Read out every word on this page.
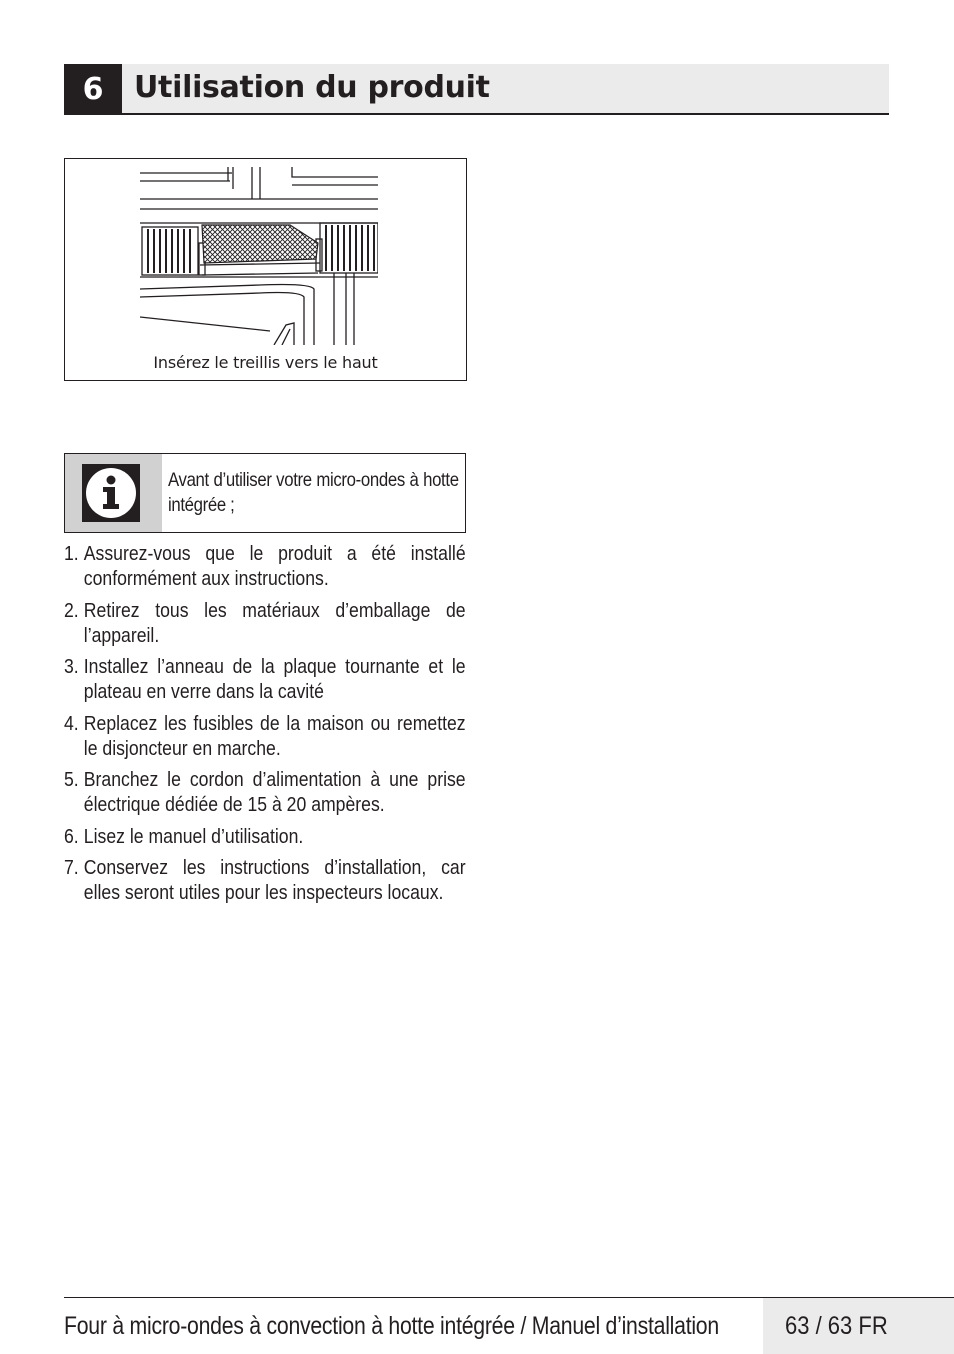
6	Utilisation du produit
Insérez le treillis vers le haut
Avant d’utiliser votre micro-ondes à hotte intégrée ;
1. Assurez-vous que le produit a été installé conformément aux instructions.
2. Retirez tous les matériaux d’emballage de l’appareil.
3. Installez l’anneau de la plaque tournante et le plateau en verre dans la cavité
4. Replacez les fusibles de la maison ou remettez le disjoncteur en marche.
5. Branchez le cordon d’alimentation à une prise électrique dédiée de 15 à 20 ampères.
6. Lisez le manuel d’utilisation.
7. Conservez les instructions d’installation, car elles seront utiles pour les inspecteurs locaux.
Four à micro-ondes à convection à hotte intégrée / Manuel d’installation	63 / 63 FR
